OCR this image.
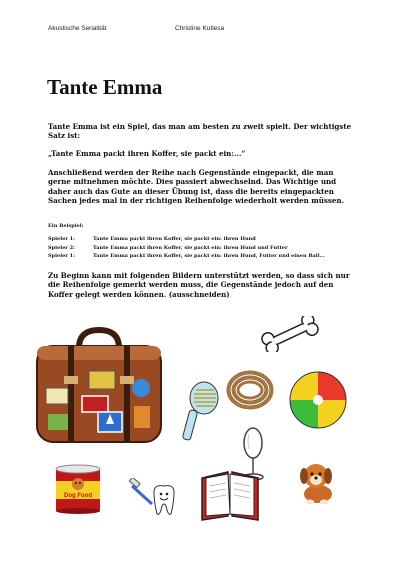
Akustische Serialität	Christine Kutlesa
Tante Emma

Tante Emma ist ein Spiel, das man am besten zu zweit spielt. Der wichtigste Satz ist:

„Tante Emma packt ihren Koffer, sie packt ein:...“

Anschließend werden der Reihe nach Gegenstände eingepackt, die man gerne mitnehmen möchte. Dies passiert abwechselnd. Das Wichtige und daher auch das Gute an dieser Übung ist, dass die bereits eingepackten Sachen jedes mal in der richtigen Reihenfolge wiederholt werden müssen.

Ein Beispiel:
Spieler 1:	Tante Emma packt ihren Koffer, sie packt ein: ihren Hund
Spieler 2:	Tante Emma packt ihren Koffer, sie packt ein: ihren Hund und Futter
Spieler 1:	Tante Emma packt ihren Koffer, sie packt ein: ihren Hund, Futter und einen Ball...

Zu Beginn kann mit folgenden Bildern unterstützt werden, so dass sich nur die Reihenfolge gemerkt werden muss, die Gegenstände jedoch auf den Koffer gelegt werden können. (ausschneiden)

Dog Food
